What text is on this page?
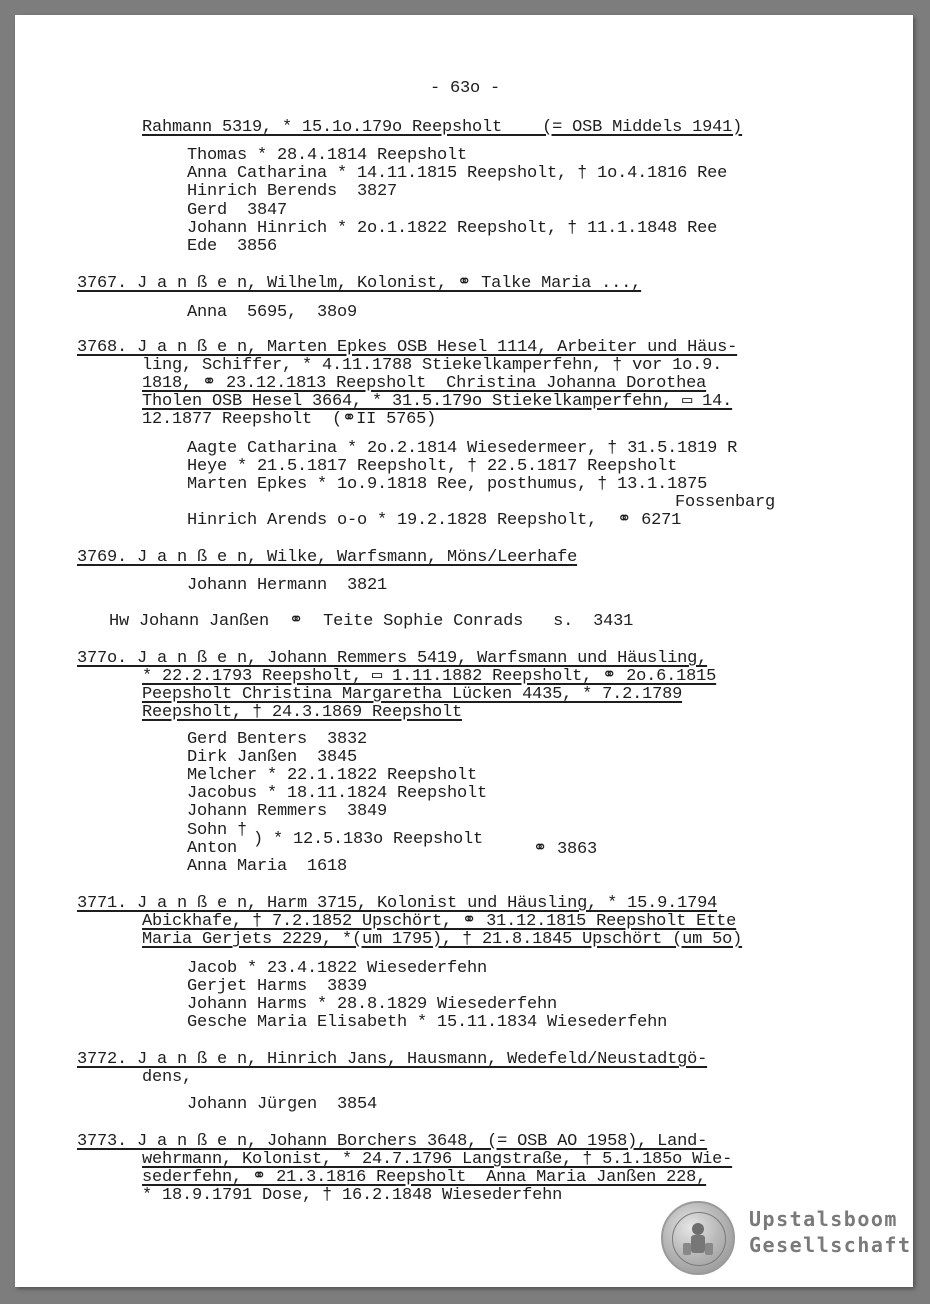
- 63o -

Rahmann 5319, * 15.1o.179o Reepsholt    (= OSB Middels 1941)

Thomas * 28.4.1814 Reepsholt

Anna Catharina * 14.11.1815 Reepsholt, † 1o.4.1816 Ree

Hinrich Berends  3827

Gerd  3847

Johann Hinrich * 2o.1.1822 Reepsholt, † 11.1.1848 Ree

Ede  3856

3767. J a n ß e n, Wilhelm, Kolonist, ⚭ Talke Maria ...,

Anna  5695,  38o9

3768. J a n ß e n, Marten Epkes OSB Hesel 1114, Arbeiter und Häus-

ling, Schiffer, * 4.11.1788 Stiekelkamperfehn, † vor 1o.9.

1818, ⚭ 23.12.1813 Reepsholt  Christina Johanna Dorothea

Tholen OSB Hesel 3664, * 31.5.179o Stiekelkamperfehn, ▭ 14.

12.1877 Reepsholt  (⚭II 5765)

Aagte Catharina * 2o.2.1814 Wiesedermeer, † 31.5.1819 R

Heye * 21.5.1817 Reepsholt, † 22.5.1817 Reepsholt

Marten Epkes * 1o.9.1818 Ree, posthumus, † 13.1.1875

Fossenbarg

Hinrich Arends o-o * 19.2.1828 Reepsholt,  ⚭ 6271

3769. J a n ß e n, Wilke, Warfsmann, Möns/Leerhafe

Johann Hermann  3821

Hw Johann Janßen  ⚭  Teite Sophie Conrads   s.  3431

377o. J a n ß e n, Johann Remmers 5419, Warfsmann und Häusling,

* 22.2.1793 Reepsholt, ▭ 1.11.1882 Reepsholt, ⚭ 2o.6.1815

Peepsholt Christina Margaretha Lücken 4435, * 7.2.1789

Reepsholt, † 24.3.1869 Reepsholt

Gerd Benters  3832

Dirk Janßen  3845

Melcher * 22.1.1822 Reepsholt

Jacobus * 18.11.1824 Reepsholt

Johann Remmers  3849

Sohn † ) * 12.5.183o Reepsholt

Anton	⚭ 3863

Anna Maria  1618

3771. J a n ß e n, Harm 3715, Kolonist und Häusling, * 15.9.1794

Abickhafe, † 7.2.1852 Upschört, ⚭ 31.12.1815 Reepsholt Ette

Maria Gerjets 2229, *(um 1795), † 21.8.1845 Upschört (um 5o)

Jacob * 23.4.1822 Wiesederfehn

Gerjet Harms  3839

Johann Harms * 28.8.1829 Wiesederfehn

Gesche Maria Elisabeth * 15.11.1834 Wiesederfehn

3772. J a n ß e n, Hinrich Jans, Hausmann, Wedefeld/Neustadtgö-

dens,

Johann Jürgen  3854

3773. J a n ß e n, Johann Borchers 3648, (= OSB AO 1958), Land-

wehrmann, Kolonist, * 24.7.1796 Langstraße, † 5.1.185o Wie-

sederfehn, ⚭ 21.3.1816 Reepsholt  Anna Maria Janßen 228,

* 18.9.1791 Dose, † 16.2.1848 Wiesederfehn

Upstalsboom
Gesellschaft
